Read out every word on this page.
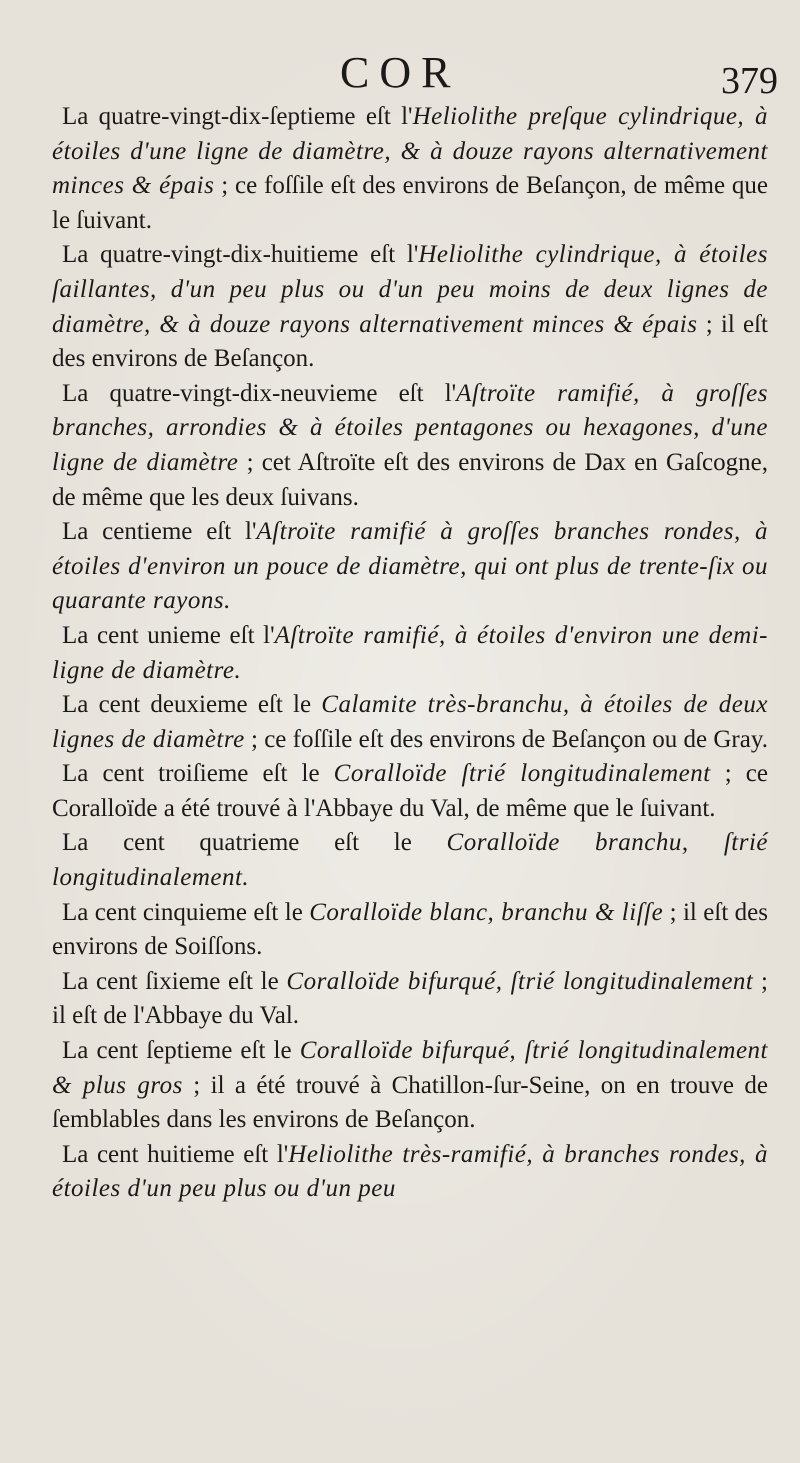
COR	379

La quatre-vingt-dix-ſeptieme eſt l'Heliolithe preſque cylindrique, à étoiles d'une ligne de diamètre, & à douze rayons alternativement minces & épais ; ce foſſile eſt des environs de Beſançon, de même que le ſuivant.

La quatre-vingt-dix-huitieme eſt l'Heliolithe cylindrique, à étoiles ſaillantes, d'un peu plus ou d'un peu moins de deux lignes de diamètre, & à douze rayons alternativement minces & épais ; il eſt des environs de Beſançon.

La quatre-vingt-dix-neuvieme eſt l'Aſtroïte ramifié, à groſſes branches, arrondies & à étoiles pentagones ou hexagones, d'une ligne de diamètre ; cet Aſtroïte eſt des environs de Dax en Gaſcogne, de même que les deux ſuivans.

La centieme eſt l'Aſtroïte ramifié à groſſes branches rondes, à étoiles d'environ un pouce de diamètre, qui ont plus de trente-ſix ou quarante rayons.

La cent unieme eſt l'Aſtroïte ramifié, à étoiles d'environ une demi-ligne de diamètre.

La cent deuxieme eſt le Calamite très-branchu, à étoiles de deux lignes de diamètre ; ce foſſile eſt des environs de Beſançon ou de Gray.

La cent troiſieme eſt le Coralloïde ſtrié longitudinalement ; ce Coralloïde a été trouvé à l'Abbaye du Val, de même que le ſuivant.

La cent quatrieme eſt le Coralloïde branchu, ſtrié longitudinalement.

La cent cinquieme eſt le Coralloïde blanc, branchu & liſſe ; il eſt des environs de Soiſſons.

La cent ſixieme eſt le Coralloïde bifurqué, ſtrié longitudinalement ; il eſt de l'Abbaye du Val.

La cent ſeptieme eſt le Coralloïde bifurqué, ſtrié longitudinalement & plus gros ; il a été trouvé à Chatillon-ſur-Seine, on en trouve de ſemblables dans les environs de Beſançon.

La cent huitieme eſt l'Heliolithe très-ramifié, à branches rondes, à étoiles d'un peu plus ou d'un peu
